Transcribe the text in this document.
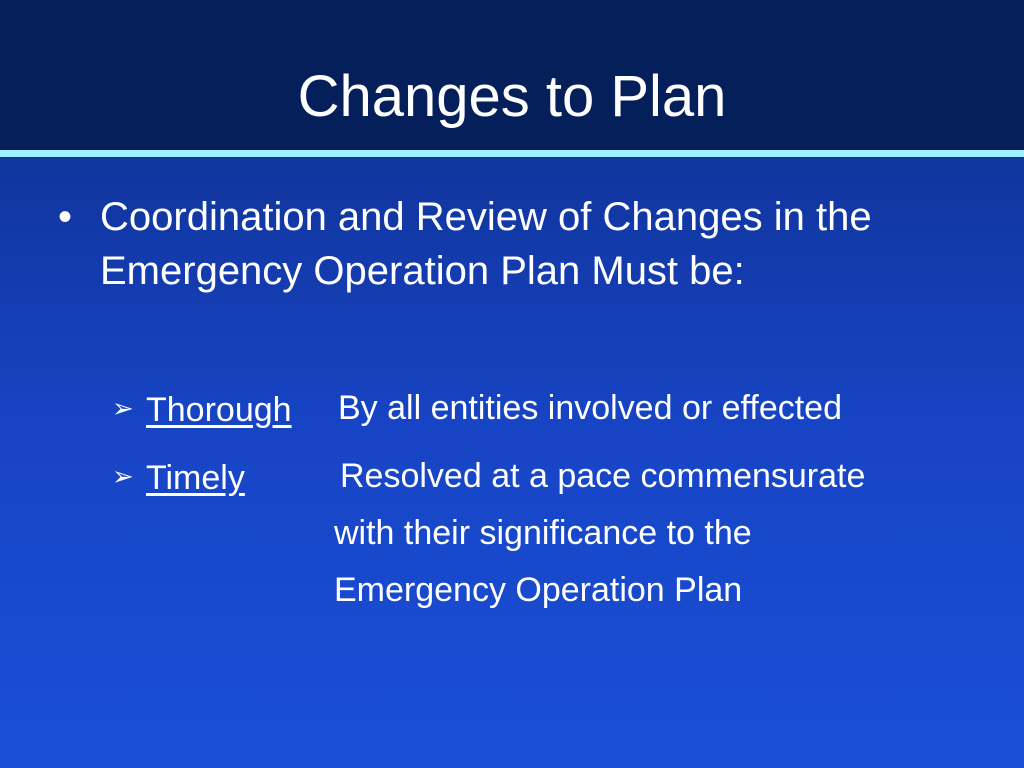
Changes to Plan
• Coordination and Review of Changes in the Emergency Operation Plan Must be:
➢ Thorough By all entities involved or effected
➢ Timely	Resolved at a pace commensurate with their significance to the Emergency Operation Plan
